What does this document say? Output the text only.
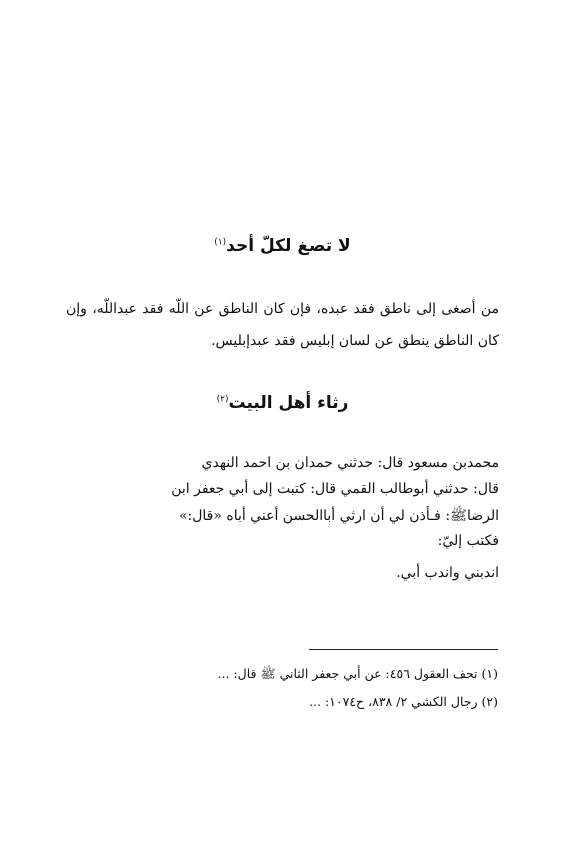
لا تصغ لكلّ أحد$^{(١)}$
من أصغى إلى ناطق فقد عبده، فإن كان الناطق عن اللّه فقد عبداللّه، وإن
كان الناطق ينطق عن لسان إبليس فقد عبدإبليس.
رثاء أهل البيت$^{(٢)}$
محمدبن مسعود قال: حدثني حمدان بن احمد النهدي
قال: حدثني أبوطالب القمي قال: كتبت إلى أبي جعفر ابن
الرضاﷺ: فـأذن لي أن ارثي أباالحسن أعني أباه «قال:»
فكتب إليّ:
اندبني واندب أبي.
(١) تحف العقول ٤٥٦: عن أبي جعفر الثاني ﷺ قال: ...
(٢) رجال الكشي ٢/ ٨٣٨، ح١٠٧٤: ...
